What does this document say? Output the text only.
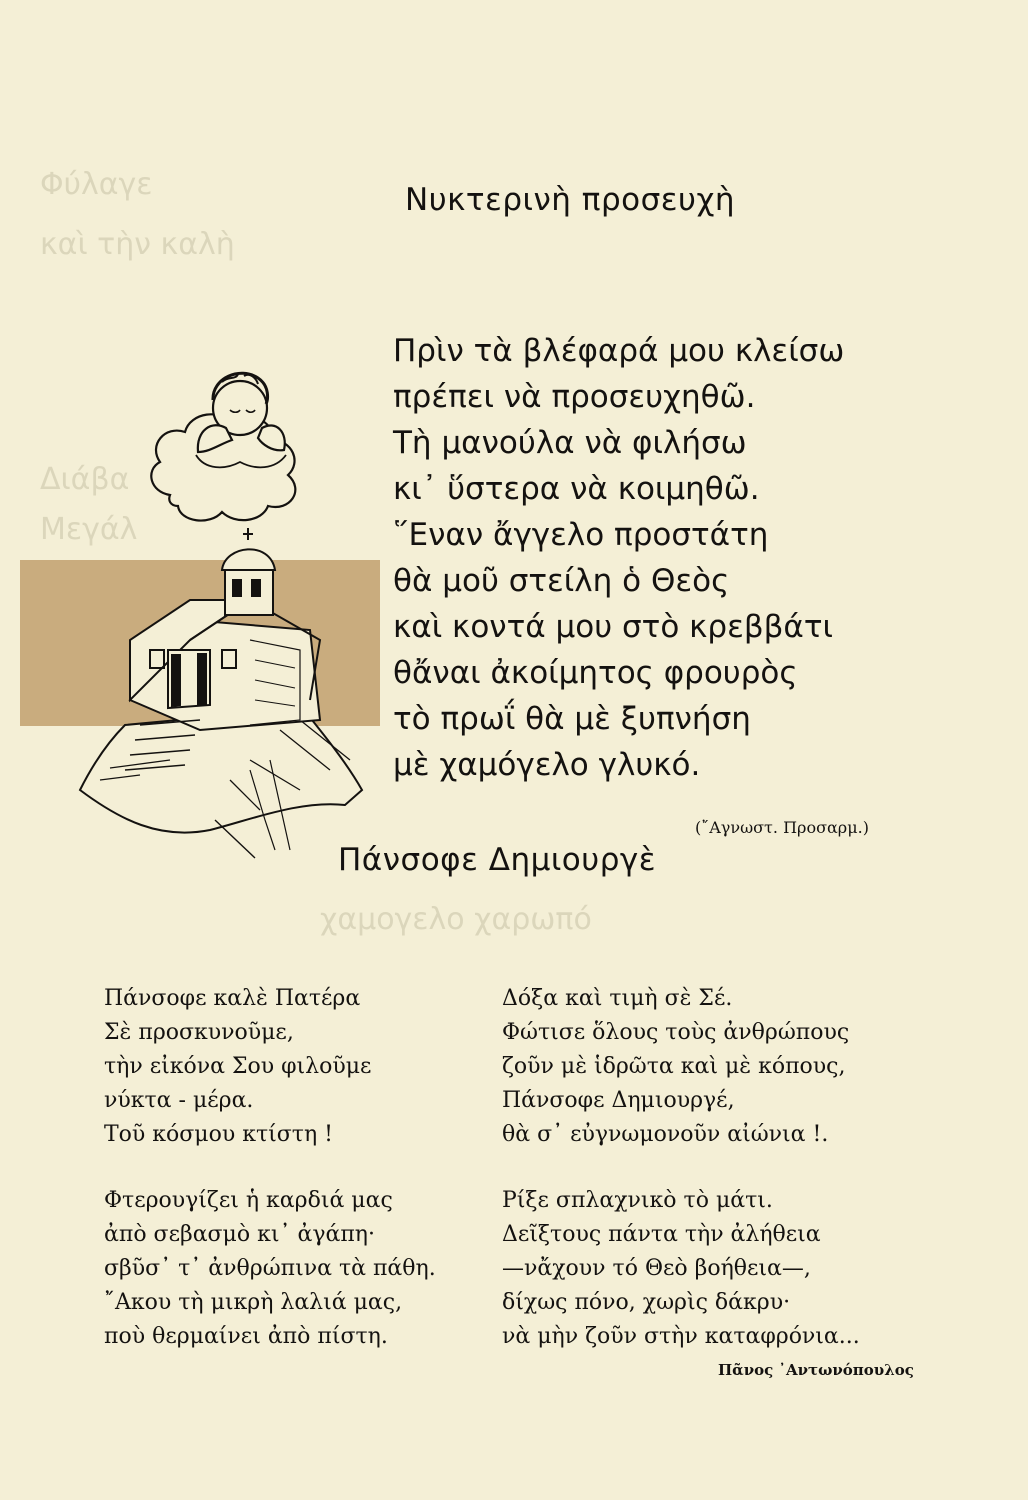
Φύλαγε
καὶ τὴν καλὴ
Διάβα
Μεγάλ
χαμογελο χαρωπό
Νυκτερινὴ προσευχὴ
Πρὶν τὰ βλέφαρά μου κλείσω
πρέπει νὰ προσευχηθῶ.
Τὴ μανούλα νὰ φιλήσω
κι᾽ ὕστερα νὰ κοιμηθῶ.
῞Εναν ἄγγελο προστάτη
θὰ μοῦ στείλη ὁ Θεὸς
καὶ κοντά μου στὸ κρεββάτι
θἄναι ἀκοίμητος φρουρὸς
τὸ πρωΐ θὰ μὲ ξυπνήση
μὲ χαμόγελο γλυκό.
(῎Αγνωστ. Προσαρμ.)
Πάνσοφε Δημιουργὲ
Πάνσοφε καλὲ Πατέρα
Σὲ προσκυνοῦμε,
τὴν εἰκόνα Σου φιλοῦμε
νύκτα - μέρα.
Τοῦ κόσμου κτίστη !
Φτερουγίζει ἡ καρδιά μας
ἀπὸ σεβασμὸ κι᾽ ἀγάπη·
σβῦσ᾽ τ᾽ ἀνθρώπινα τὰ πάθη.
῎Ακου τὴ μικρὴ λαλιά μας,
ποὺ θερμαίνει ἀπὸ πίστη.
Δόξα καὶ τιμὴ σὲ Σέ.
Φώτισε ὅλους τοὺς ἀνθρώπους
ζοῦν μὲ ἱδρῶτα καὶ μὲ κόπους,
Πάνσοφε Δημιουργέ,
θὰ σ᾽ εὐγνωμονοῦν αἰώνια !.
Ρίξε σπλαχνικὸ τὸ μάτι.
Δεῖξτους πάντα τὴν ἀλήθεια
—νἄχουν τό Θεὸ βοήθεια—,
δίχως πόνο, χωρὶς δάκρυ·
νὰ μὴν ζοῦν στὴν καταφρόνια...
Πᾶνος ᾽Αντωνόπουλος
